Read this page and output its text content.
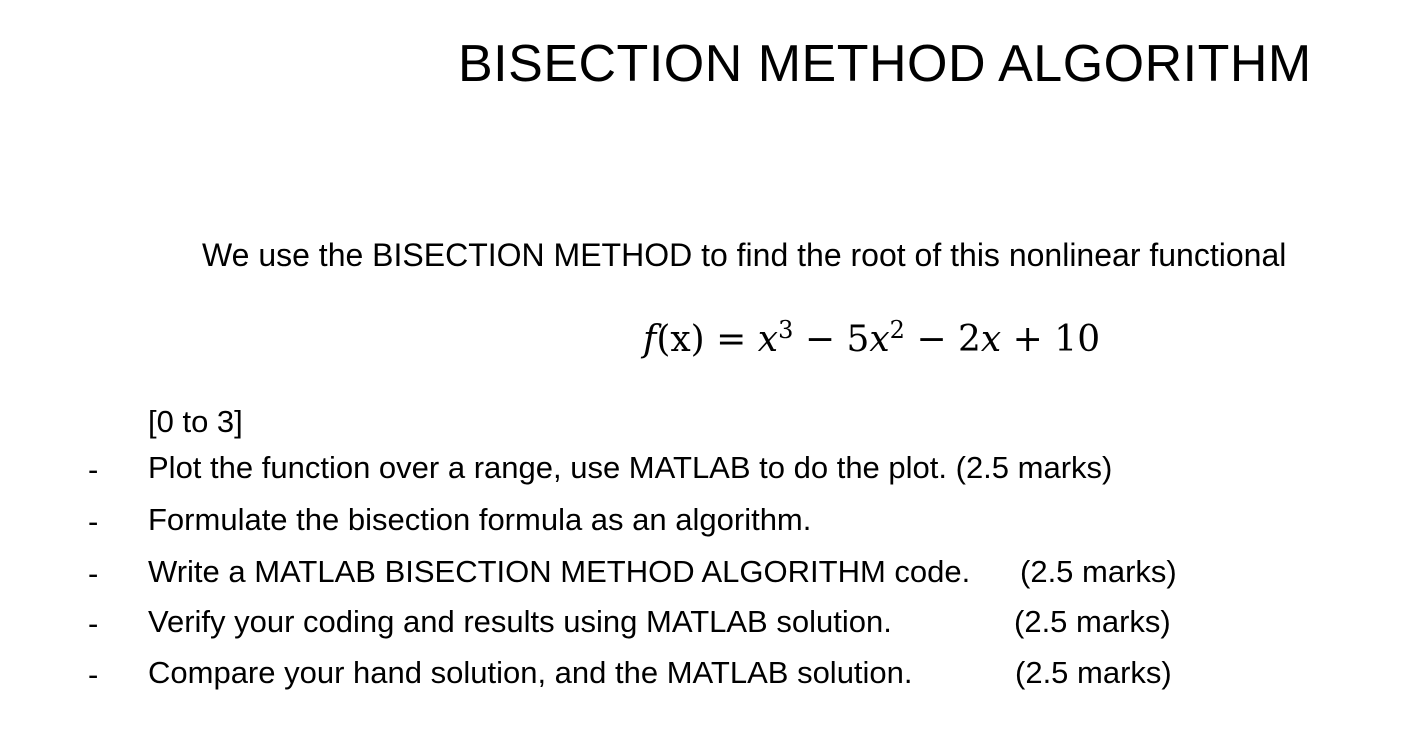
BISECTION METHOD ALGORITHM
We use the BISECTION METHOD to find the root of this nonlinear functional
$f(x) = x^3 - 5x^2 - 2x + 10$
[0 to 3]
- Plot the function over a range, use MATLAB to do the plot. (2.5 marks)
- Formulate the bisection formula as an algorithm.
- Write a MATLAB BISECTION METHOD ALGORITHM code. (2.5 marks)
- Verify your coding and results using MATLAB solution.	(2.5 marks)
- Compare your hand solution, and the MATLAB solution.	(2.5 marks)
